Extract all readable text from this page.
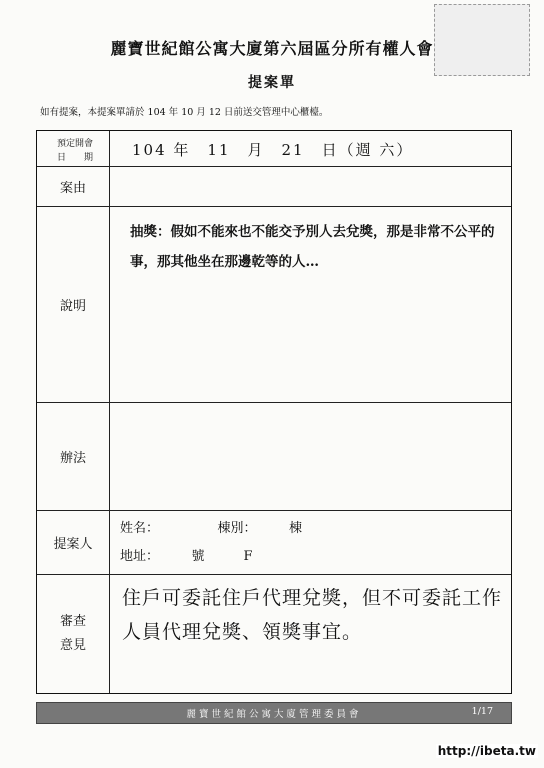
麗寶世紀館公寓大廈第六屆區分所有權人會
提案單
如有提案，本提案單請於 104 年 10 月 12 日前送交管理中心櫃檯。
預定開會
日　　期	104 年　11　月　21　日（週 六）
案由
說明
抽獎：假如不能來也不能交予別人去兌獎，那是非常不公平的事，那其他坐在那邊乾等的人…
辦法
提案人
姓名：　　　　　棟別：　　　棟
地址：　　　號　　　F
審查
意見
住戶可委託住戶代理兌獎，但不可委託工作人員代理兌獎、領獎事宜。
麗寶世紀館公寓大廈管理委員會	1/17
http://ibeta.tw
